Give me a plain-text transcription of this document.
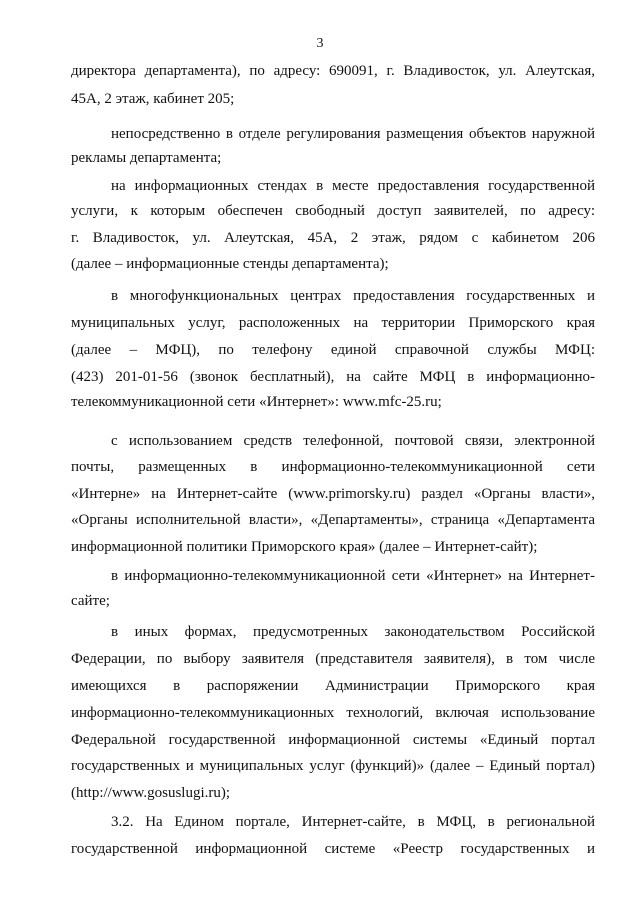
3
директора департамента), по адресу: 690091, г. Владивосток, ул. Алеутская,
45А, 2 этаж, кабинет 205;
непосредственно в отделе регулирования размещения объектов наружной
рекламы департамента;
на информационных стендах в месте предоставления государственной
услуги, к которым обеспечен свободный доступ заявителей, по адресу:
г. Владивосток, ул. Алеутская, 45А, 2 этаж, рядом с кабинетом 206
(далее – информационные стенды департамента);
в многофункциональных центрах предоставления государственных и
муниципальных услуг, расположенных на территории Приморского края
(далее – МФЦ), по телефону единой справочной службы МФЦ:
(423) 201-01-56 (звонок бесплатный), на сайте МФЦ в информационно-
телекоммуникационной сети «Интернет»: www.mfc-25.ru;
с использованием средств телефонной, почтовой связи, электронной
почты, размещенных в информационно-телекоммуникационной сети
«Интерне» на Интернет-сайте (www.primorsky.ru) раздел «Органы власти»,
«Органы исполнительной власти», «Департаменты», страница «Департамента
информационной политики Приморского края» (далее – Интернет-сайт);
в информационно-телекоммуникационной сети «Интернет» на Интернет-
сайте;
в иных формах, предусмотренных законодательством Российской
Федерации, по выбору заявителя (представителя заявителя), в том числе
имеющихся в распоряжении Администрации Приморского края
информационно-телекоммуникационных технологий, включая использование
Федеральной государственной информационной системы «Единый портал
государственных и муниципальных услуг (функций)» (далее – Единый портал)
(http://www.gosuslugi.ru);
3.2. На Едином портале, Интернет-сайте, в МФЦ, в региональной
государственной информационной системе «Реестр государственных и
